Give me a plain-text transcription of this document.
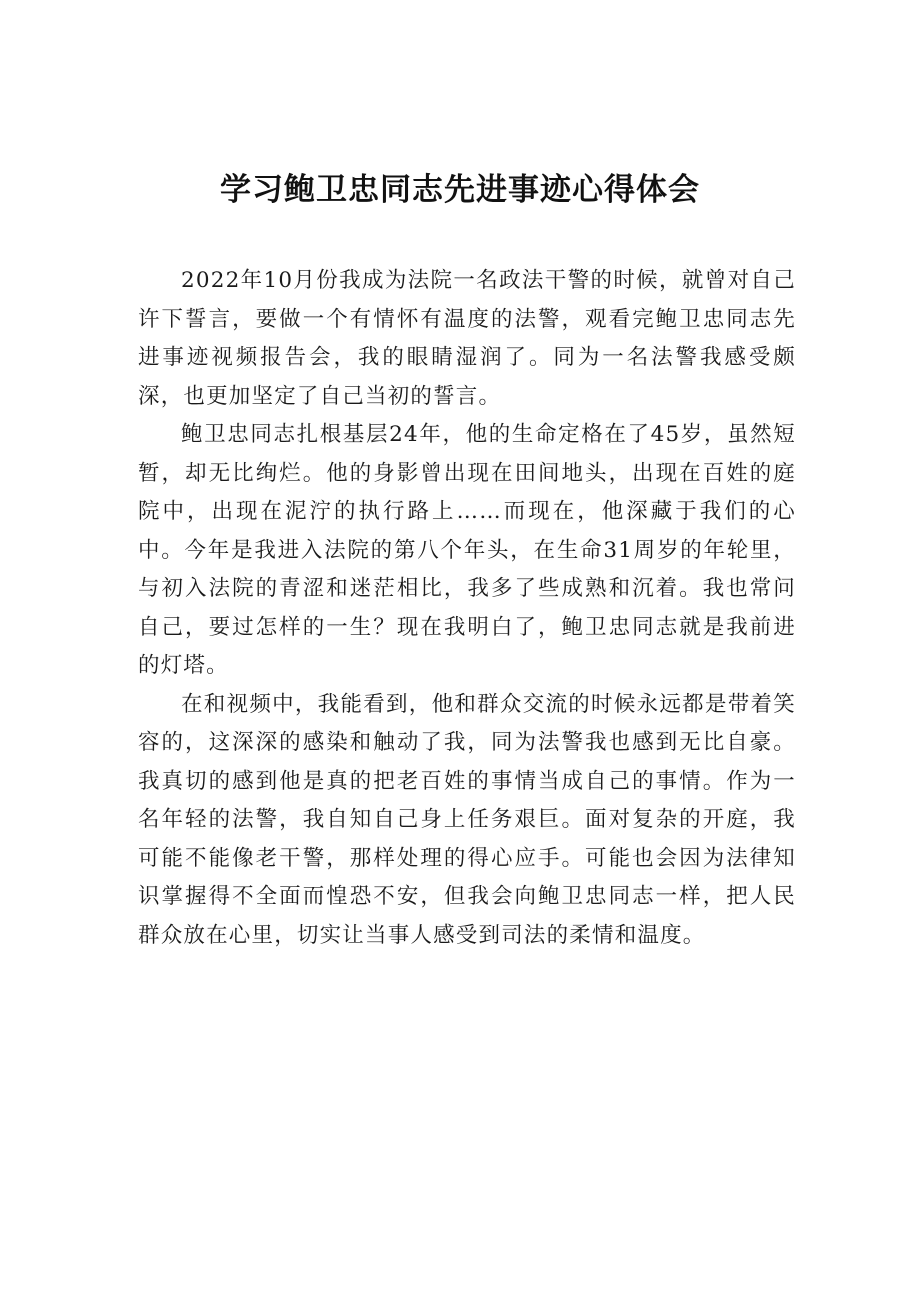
学习鲍卫忠同志先进事迹心得体会

2022年10月份我成为法院一名政法干警的时候，就曾对自己许下誓言，要做一个有情怀有温度的法警，观看完鲍卫忠同志先进事迹视频报告会，我的眼睛湿润了。同为一名法警我感受颇深，也更加坚定了自己当初的誓言。

鲍卫忠同志扎根基层24年，他的生命定格在了45岁，虽然短暂，却无比绚烂。他的身影曾出现在田间地头，出现在百姓的庭院中，出现在泥泞的执行路上……而现在，他深藏于我们的心中。今年是我进入法院的第八个年头，在生命31周岁的年轮里，与初入法院的青涩和迷茫相比，我多了些成熟和沉着。我也常问自己，要过怎样的一生？现在我明白了，鲍卫忠同志就是我前进的灯塔。

在和视频中，我能看到，他和群众交流的时候永远都是带着笑容的，这深深的感染和触动了我，同为法警我也感到无比自豪。我真切的感到他是真的把老百姓的事情当成自己的事情。作为一名年轻的法警，我自知自己身上任务艰巨。面对复杂的开庭，我可能不能像老干警，那样处理的得心应手。可能也会因为法律知识掌握得不全面而惶恐不安，但我会向鲍卫忠同志一样，把人民群众放在心里，切实让当事人感受到司法的柔情和温度。
